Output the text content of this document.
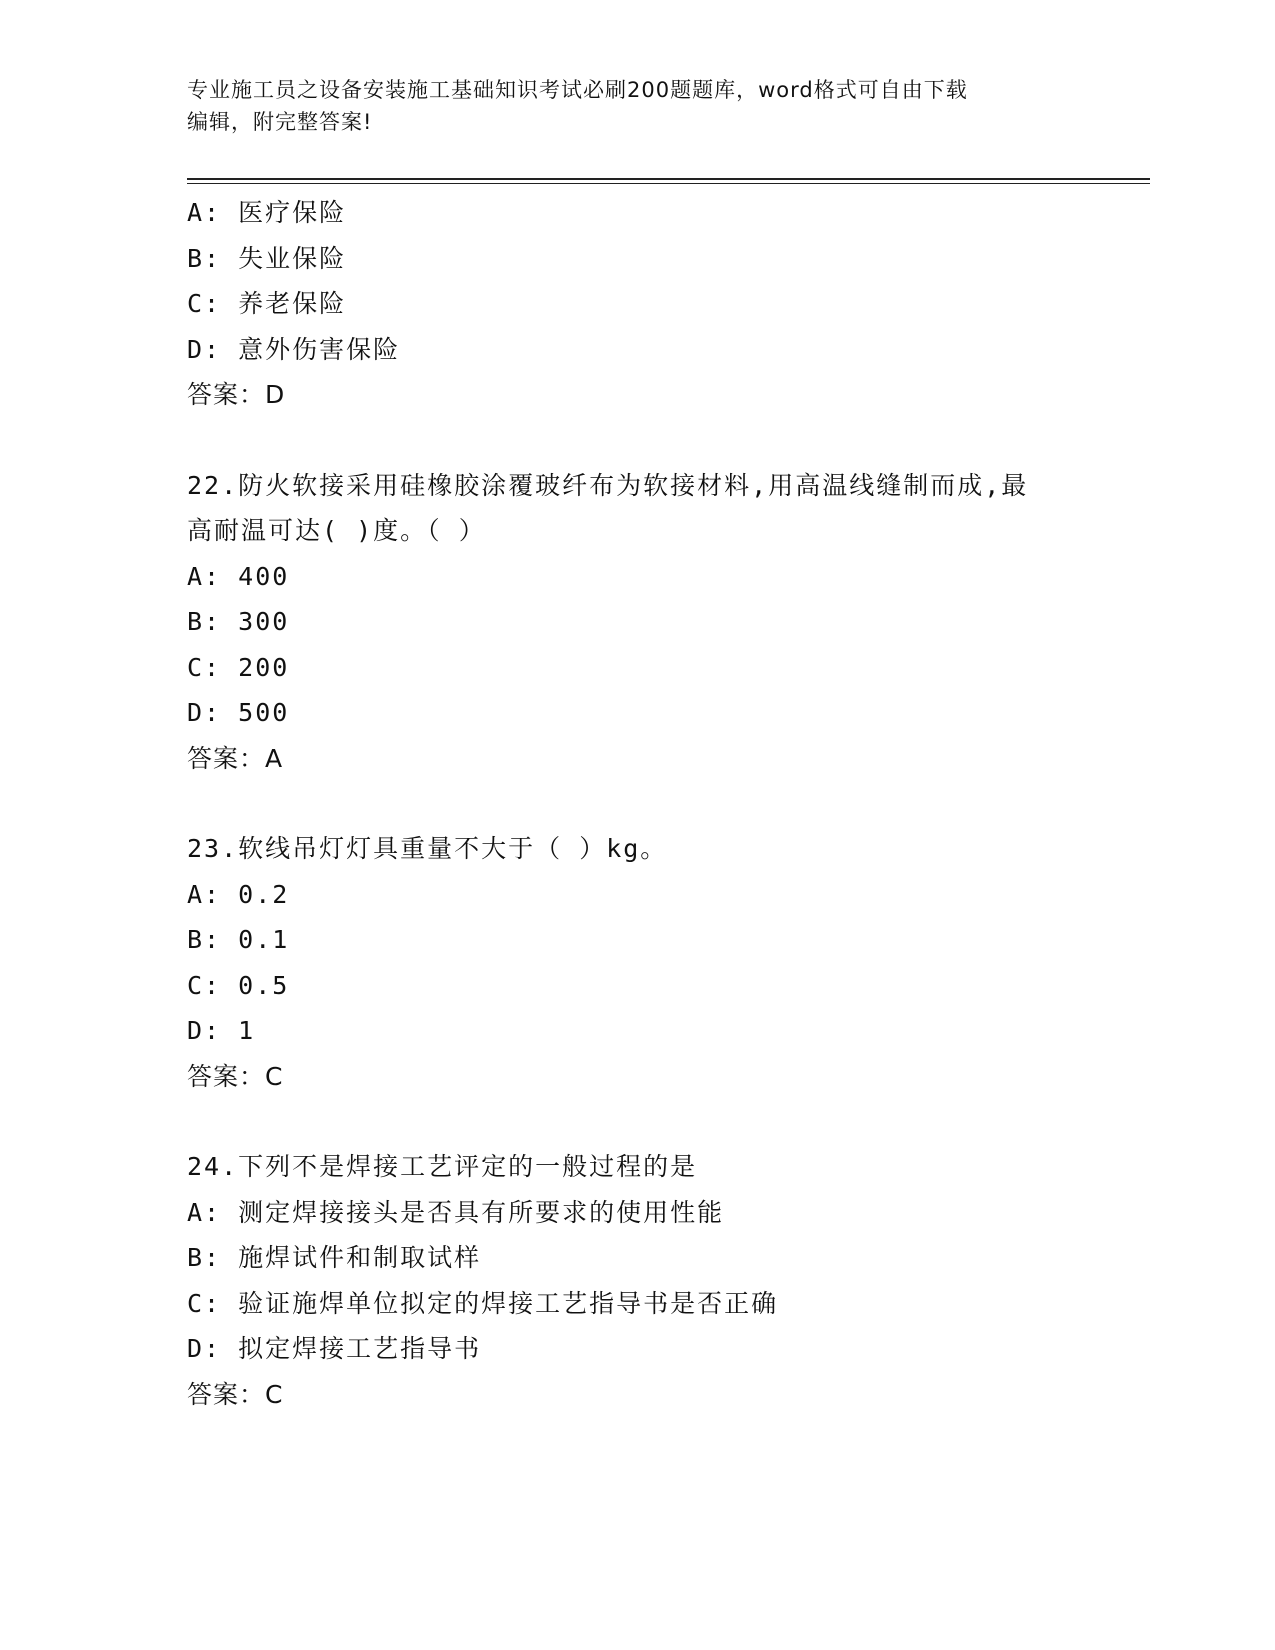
专业施工员之设备安装施工基础知识考试必刷200题题库，word格式可自由下载
编辑，附完整答案!
A: 医疗保险
B: 失业保险
C: 养老保险
D: 意外伤害保险
答案：D
22.防火软接采用硅橡胶涂覆玻纤布为软接材料,用高温线缝制而成,最
高耐温可达( )度。（ ）
A: 400
B: 300
C: 200
D: 500
答案：A
23.软线吊灯灯具重量不大于（ ）kg。
A: 0.2
B: 0.1
C: 0.5
D: 1
答案：C
24.下列不是焊接工艺评定的一般过程的是
A: 测定焊接接头是否具有所要求的使用性能
B: 施焊试件和制取试样
C: 验证施焊单位拟定的焊接工艺指导书是否正确
D: 拟定焊接工艺指导书
答案：C
